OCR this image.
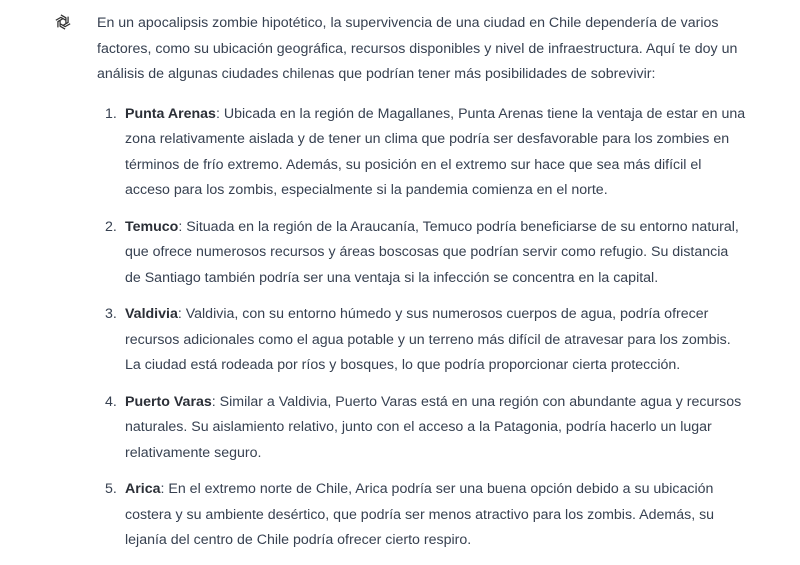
En un apocalipsis zombie hipotético, la supervivencia de una ciudad en Chile dependería de varios factores, como su ubicación geográfica, recursos disponibles y nivel de infraestructura. Aquí te doy un análisis de algunas ciudades chilenas que podrían tener más posibilidades de sobrevivir:

1. Punta Arenas: Ubicada en la región de Magallanes, Punta Arenas tiene la ventaja de estar en una zona relativamente aislada y de tener un clima que podría ser desfavorable para los zombies en términos de frío extremo. Además, su posición en el extremo sur hace que sea más difícil el acceso para los zombis, especialmente si la pandemia comienza en el norte.
2. Temuco: Situada en la región de la Araucanía, Temuco podría beneficiarse de su entorno natural, que ofrece numerosos recursos y áreas boscosas que podrían servir como refugio. Su distancia de Santiago también podría ser una ventaja si la infección se concentra en la capital.
3. Valdivia: Valdivia, con su entorno húmedo y sus numerosos cuerpos de agua, podría ofrecer recursos adicionales como el agua potable y un terreno más difícil de atravesar para los zombis. La ciudad está rodeada por ríos y bosques, lo que podría proporcionar cierta protección.
4. Puerto Varas: Similar a Valdivia, Puerto Varas está en una región con abundante agua y recursos naturales. Su aislamiento relativo, junto con el acceso a la Patagonia, podría hacerlo un lugar relativamente seguro.
5. Arica: En el extremo norte de Chile, Arica podría ser una buena opción debido a su ubicación costera y su ambiente desértico, que podría ser menos atractivo para los zombis. Además, su lejanía del centro de Chile podría ofrecer cierto respiro.
